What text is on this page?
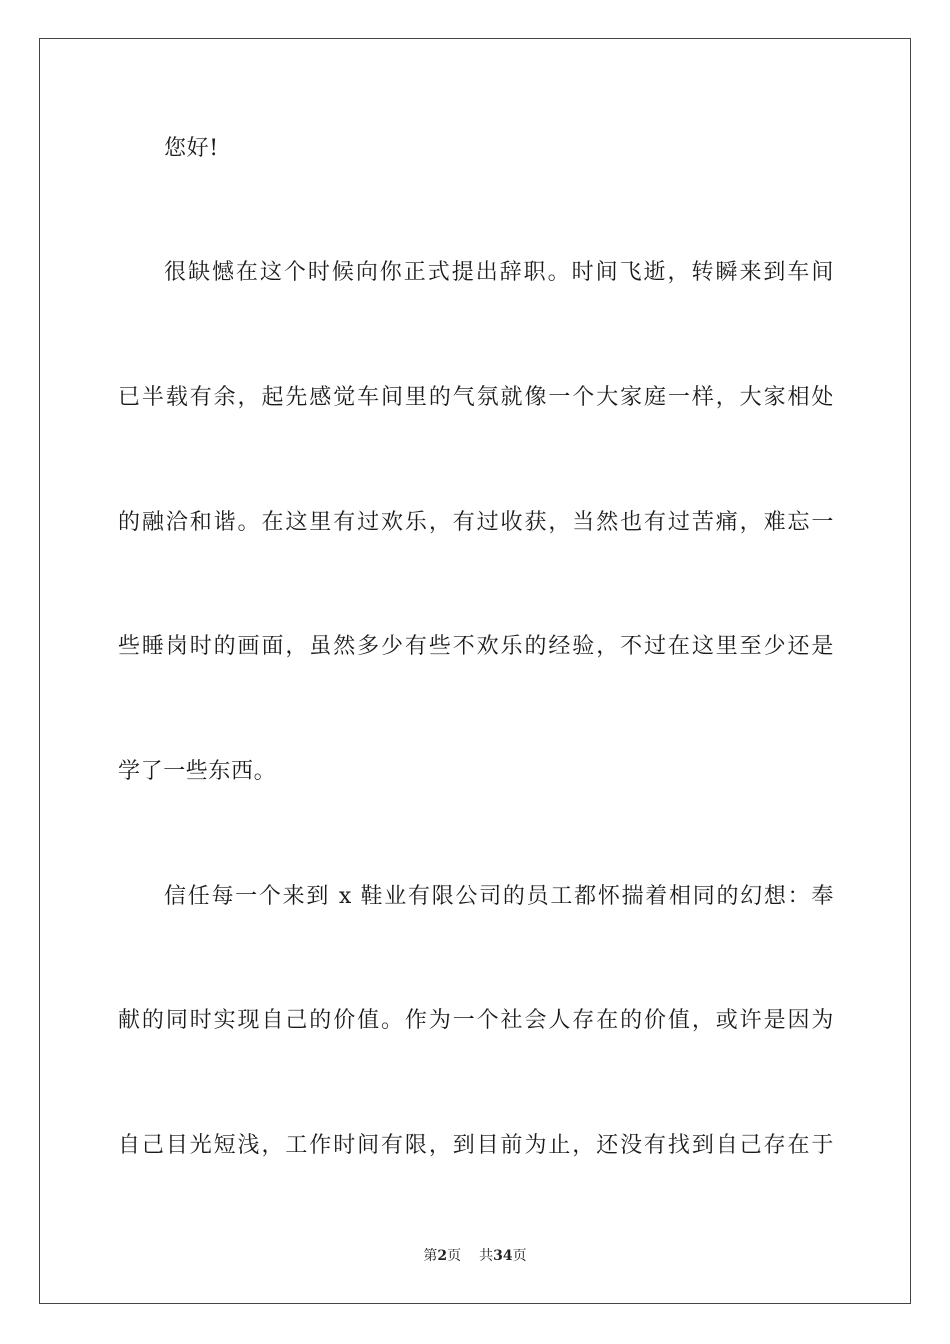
您好!
很缺憾在这个时候向你正式提出辞职。时间飞逝，转瞬来到车间
已半载有余，起先感觉车间里的气氛就像一个大家庭一样，大家相处
的融洽和谐。在这里有过欢乐，有过收获，当然也有过苦痛，难忘一
些睡岗时的画面，虽然多少有些不欢乐的经验，不过在这里至少还是
学了一些东西。
信任每一个来到 x 鞋业有限公司的员工都怀揣着相同的幻想：奉
献的同时实现自己的价值。作为一个社会人存在的价值，或许是因为
自己目光短浅，工作时间有限，到目前为止，还没有找到自己存在于
第2页 共34页
